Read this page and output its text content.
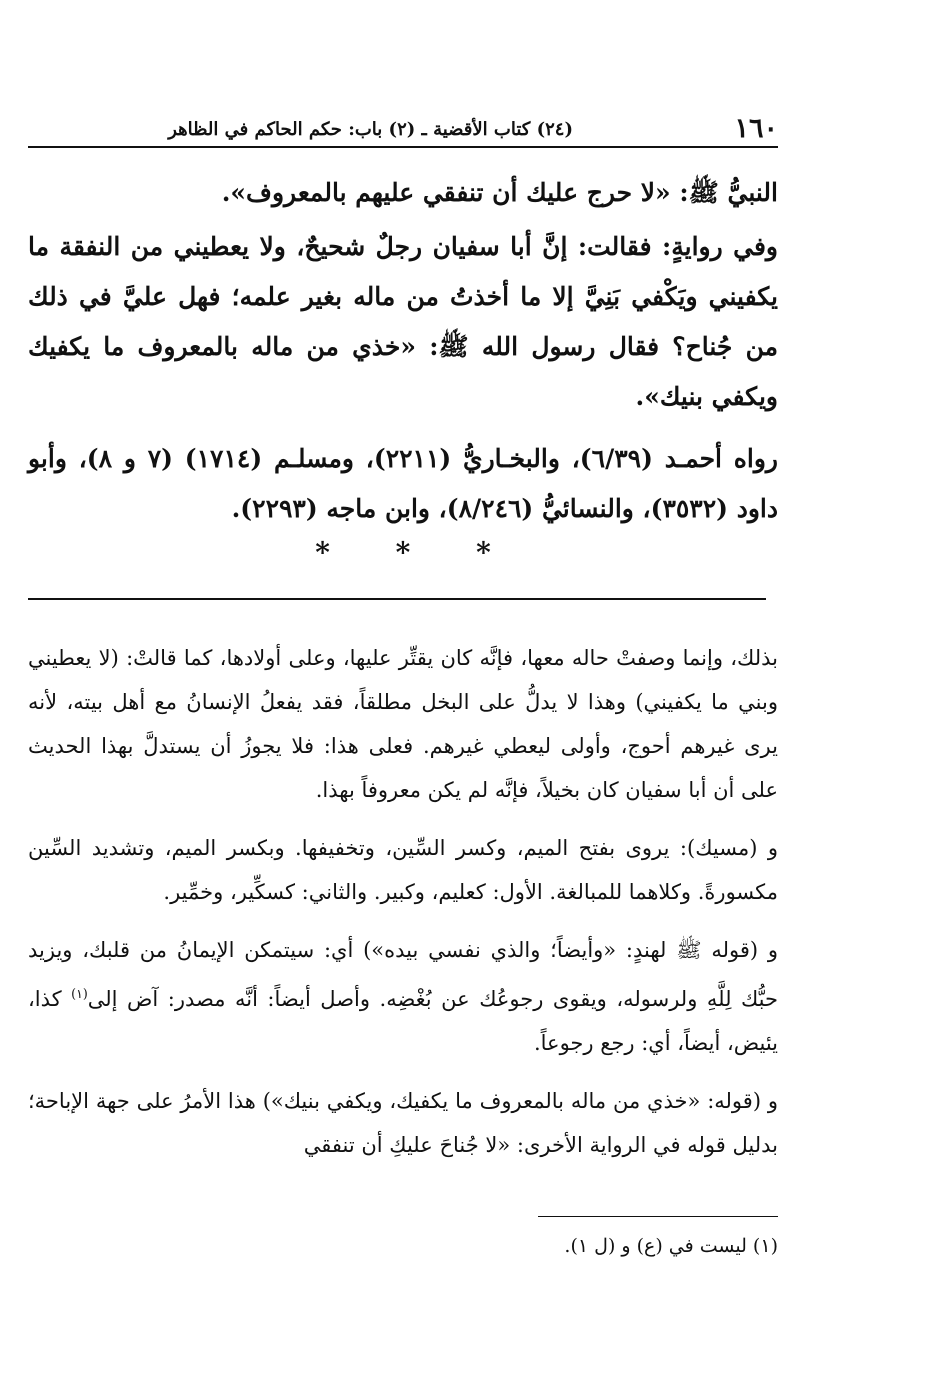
١٦٠
(٢٤) كتاب الأقضية ـ (٢) باب: حكم الحاكم في الظاهر

النبيُّ ﷺ: «لا حرج عليك أن تنفقي عليهم بالمعروف».

وفي روايةٍ: فقالت: إنَّ أبا سفيان رجلٌ شحيحٌ، ولا يعطيني من النفقة ما يكفيني ويَكْفي بَنِيَّ إلا ما أخذتُ من ماله بغير علمه؛ فهل عليَّ في ذلك من جُناح؟ فقال رسول الله ﷺ: «خذي من ماله بالمعروف ما يكفيك ويكفي بنيك».

رواه أحمـد (٦/٣٩)، والبخـاريُّ (٢٢١١)، ومسلـم (١٧١٤) (٧ و ٨)، وأبو داود (٣٥٣٢)، والنسائيُّ (٨/٢٤٦)، وابن ماجه (٢٢٩٣).

* * *

بذلك، وإنما وصفتْ حاله معها، فإنَّه كان يقتِّر عليها، وعلى أولادها، كما قالتْ: (لا يعطيني وبني ما يكفيني) وهذا لا يدلُّ على البخل مطلقاً، فقد يفعلُ الإنسانُ مع أهل بيته، لأنه يرى غيرهم أحوج، وأولى ليعطي غيرهم. فعلى هذا: فلا يجوزُ أن يستدلَّ بهذا الحديث على أن أبا سفيان كان بخيلاً، فإنَّه لم يكن معروفاً بهذا.

و (مسيك): يروى بفتح الميم، وكسر السِّين، وتخفيفها. وبكسر الميم، وتشديد السِّين مكسورةً. وكلاهما للمبالغة. الأول: كعليم، وكبير. والثاني: كسكِّير، وخمِّير.

و (قوله ﷺ لهندٍ: «وأيضاً؛ والذي نفسي بيده») أي: سيتمكن الإيمانُ من قلبك، ويزيد حبُّك لِلَّهِ ولرسوله، ويقوى رجوعُك عن بُغْضِه. وأصل أيضاً: أنَّه مصدر: آض إلى$^{(١)}$ كذا، يئيض، أيضاً، أي: رجع رجوعاً.

و (قوله: «خذي من ماله بالمعروف ما يكفيك، ويكفي بنيك») هذا الأمرُ على جهة الإباحة؛ بدليل قوله في الرواية الأخرى: «لا جُناحَ عليكِ أن تنفقي

(١) ليست في (ع) و (ل ١).
